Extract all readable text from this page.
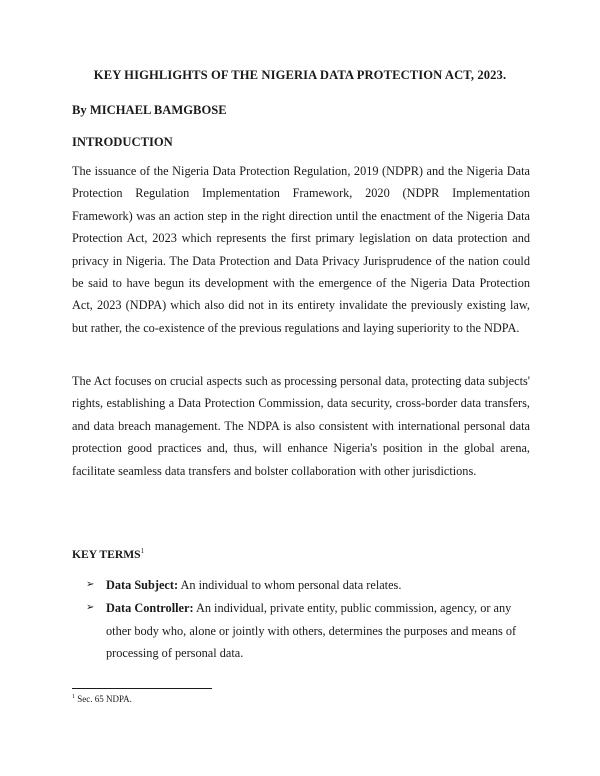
KEY HIGHLIGHTS OF THE NIGERIA DATA PROTECTION ACT, 2023.
By MICHAEL BAMGBOSE
INTRODUCTION

The issuance of the Nigeria Data Protection Regulation, 2019 (NDPR) and the Nigeria Data Protection Regulation Implementation Framework, 2020 (NDPR Implementation Framework) was an action step in the right direction until the enactment of the Nigeria Data Protection Act, 2023 which represents the first primary legislation on data protection and privacy in Nigeria. The Data Protection and Data Privacy Jurisprudence of the nation could be said to have begun its development with the emergence of the Nigeria Data Protection Act, 2023 (NDPA) which also did not in its entirety invalidate the previously existing law, but rather, the co-existence of the previous regulations and laying superiority to the NDPA.

The Act focuses on crucial aspects such as processing personal data, protecting data subjects' rights, establishing a Data Protection Commission, data security, cross-border data transfers, and data breach management. The NDPA is also consistent with international personal data protection good practices and, thus, will enhance Nigeria's position in the global arena, facilitate seamless data transfers and bolster collaboration with other jurisdictions.

KEY TERMS$^1$
➢ Data Subject: An individual to whom personal data relates.
➢ Data Controller: An individual, private entity, public commission, agency, or any other body who, alone or jointly with others, determines the purposes and means of processing of personal data.
$^1$ Sec. 65 NDPA.
